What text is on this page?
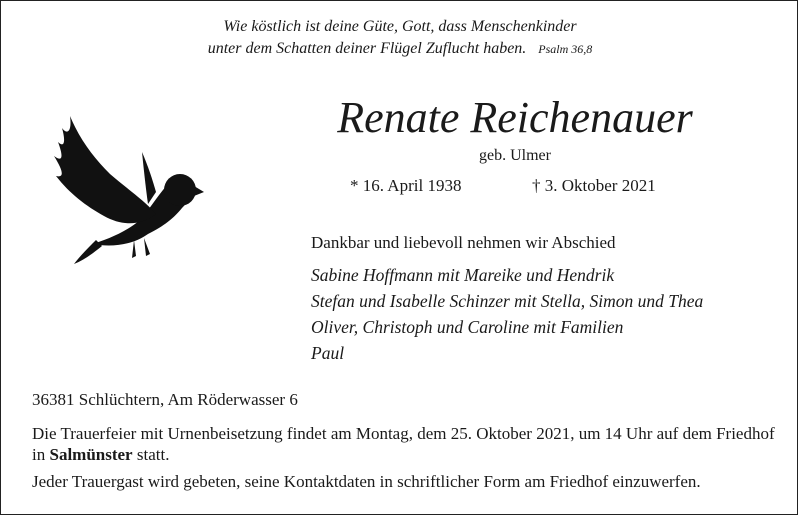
Wie köstlich ist deine Güte, Gott, dass Menschenkinder
unter dem Schatten deiner Flügel Zuflucht haben. Psalm 36,8
Renate Reichenauer
geb. Ulmer
* 16. April 1938	† 3. Oktober 2021
Dankbar und liebevoll nehmen wir Abschied
Sabine Hoffmann mit Mareike und Hendrik
Stefan und Isabelle Schinzer mit Stella, Simon und Thea
Oliver, Christoph und Caroline mit Familien
Paul
36381 Schlüchtern, Am Röderwasser 6
Die Trauerfeier mit Urnenbeisetzung findet am Montag, dem 25. Oktober 2021, um 14 Uhr auf dem Friedhof in Salmünster statt.
Jeder Trauergast wird gebeten, seine Kontaktdaten in schriftlicher Form am Friedhof einzuwerfen.
